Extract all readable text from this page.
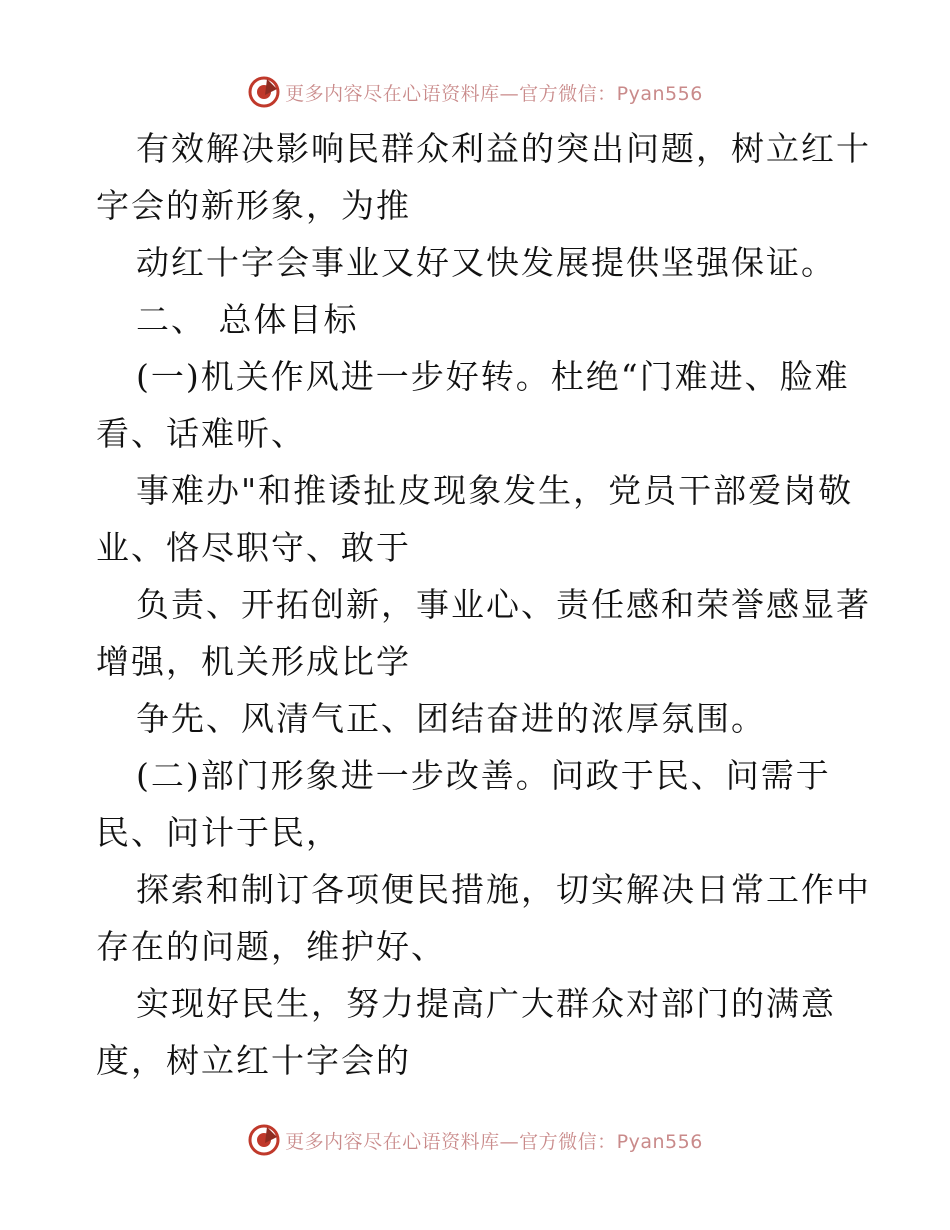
更多内容尽在心语资料库—官方微信：Pyan556
有效解决影响民群众利益的突出问题，树立红十
字会的新形象，为推
动红十字会事业又好又快发展提供坚强保证。
二、 总体目标
(一)机关作风进一步好转。杜绝“门难进、脸难
看、话难听、
事难办"和推诿扯皮现象发生，党员干部爱岗敬
业、恪尽职守、敢于
负责、开拓创新，事业心、责任感和荣誉感显著
增强，机关形成比学
争先、风清气正、团结奋进的浓厚氛围。
(二)部门形象进一步改善。问政于民、问需于
民、问计于民，
探索和制订各项便民措施，切实解决日常工作中
存在的问题，维护好、
实现好民生，努力提高广大群众对部门的满意
度，树立红十字会的
更多内容尽在心语资料库—官方微信：Pyan556
